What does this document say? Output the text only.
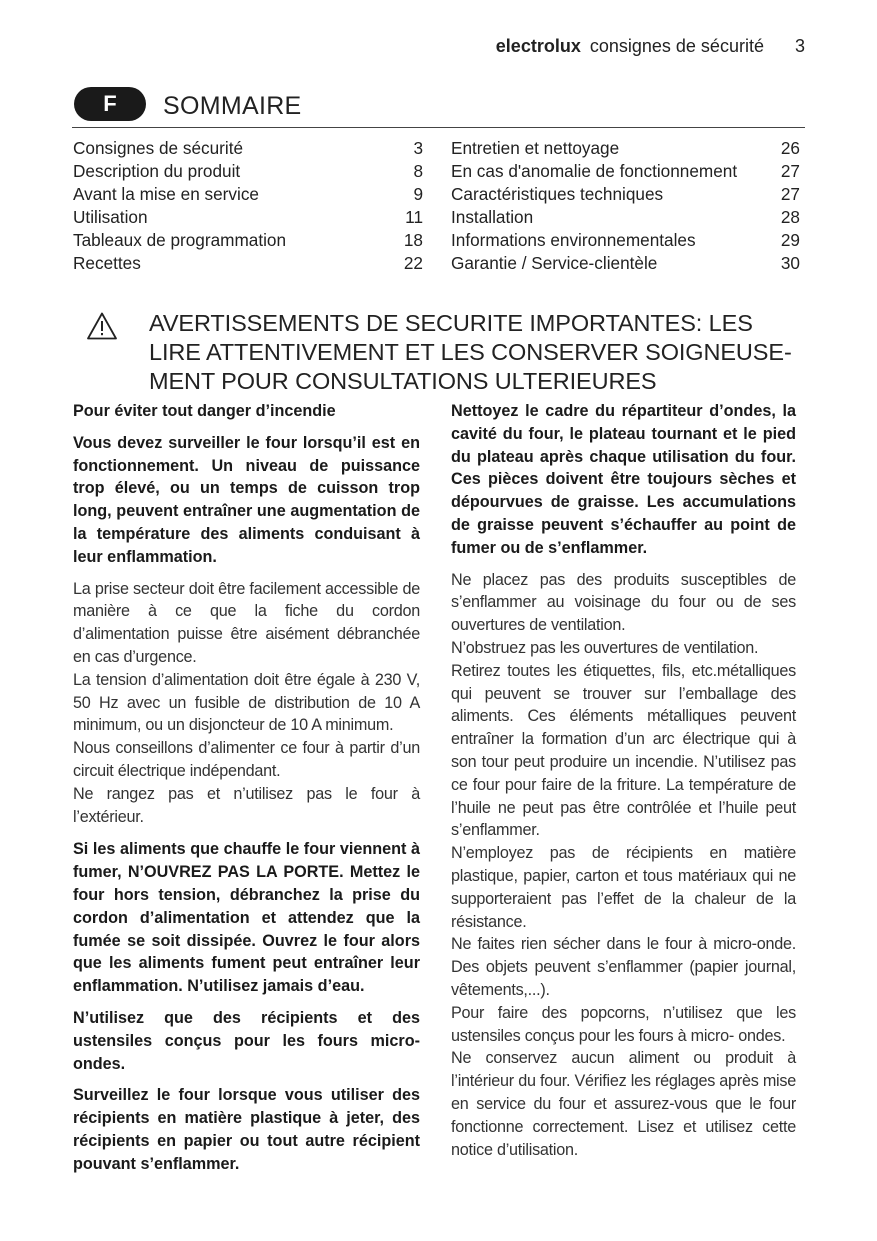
electrolux consignes de sécurité 3
F	SOMMAIRE
Consignes de sécurité	3
Description du produit	8
Avant la mise en service	9
Utilisation	11
Tableaux de programmation	18
Recettes	22
Entretien et nettoyage	26
En cas d'anomalie de fonctionnement	27
Caractéristiques techniques	27
Installation	28
Informations environnementales	29
Garantie / Service-clientèle	30
AVERTISSEMENTS DE SECURITE IMPORTANTES: LES LIRE ATTENTIVEMENT ET LES CONSERVER SOIGNEUSE-MENT POUR CONSULTATIONS ULTERIEURES

Pour éviter tout danger d’incendie

Vous devez surveiller le four lorsqu’il est en fonctionnement. Un niveau de puissance trop élevé, ou un temps de cuisson trop long, peuvent entraîner une augmentation de la température des aliments conduisant à leur enflammation.

La prise secteur doit être facilement accessible de manière à ce que la fiche du cordon d’alimentation puisse être aisément débranchée en cas d’urgence.

La tension d’alimentation doit être égale à 230 V, 50 Hz avec un fusible de distribution de 10 A minimum, ou un disjoncteur de 10 A minimum.

Nous conseillons d’alimenter ce four à partir d’un circuit électrique indépendant.

Ne rangez pas et n’utilisez pas le four à l’extérieur.

Si les aliments que chauffe le four viennent à fumer, N’OUVREZ PAS LA PORTE. Mettez le four hors tension, débranchez la prise du cordon d’alimentation et attendez que la fumée se soit dissipée. Ouvrez le four alors que les aliments fument peut entraîner leur enflammation. N’utilisez jamais d’eau.

N’utilisez que des récipients et des ustensiles conçus pour les fours micro-ondes.

Surveillez le four lorsque vous utiliser des récipients en matière plastique à jeter, des récipients en papier ou tout autre récipient pouvant s’enflammer.

Nettoyez le cadre du répartiteur d’ondes, la cavité du four, le plateau tournant et le pied du plateau après chaque utilisation du four. Ces pièces doivent être toujours sèches et dépourvues de graisse. Les accumulations de graisse peuvent s’échauffer au point de fumer ou de s’enflammer.

Ne placez pas des produits susceptibles de s’enflammer au voisinage du four ou de ses ouvertures de ventilation.

N’obstruez pas les ouvertures de ventilation.

Retirez toutes les étiquettes, fils, etc.métalliques qui peuvent se trouver sur l’emballage des aliments. Ces éléments métalliques peuvent entraîner la formation d’un arc électrique qui à son tour peut produire un incendie. N’utilisez pas ce four pour faire de la friture. La température de l’huile ne peut pas être contrôlée et l’huile peut s’enflammer.

N’employez pas de récipients en matière plastique, papier, carton et tous matériaux qui ne supporteraient pas l’effet de la chaleur de la résistance.

Ne faites rien sécher dans le four à micro-onde. Des objets peuvent s’enflammer (papier journal, vêtements,...).

Pour faire des popcorns, n’utilisez que les ustensiles conçus pour les fours à micro- ondes.

Ne conservez aucun aliment ou produit à l’intérieur du four. Vérifiez les réglages après mise en service du four et assurez-vous que le four fonctionne correctement. Lisez et utilisez cette notice d’utilisation.
